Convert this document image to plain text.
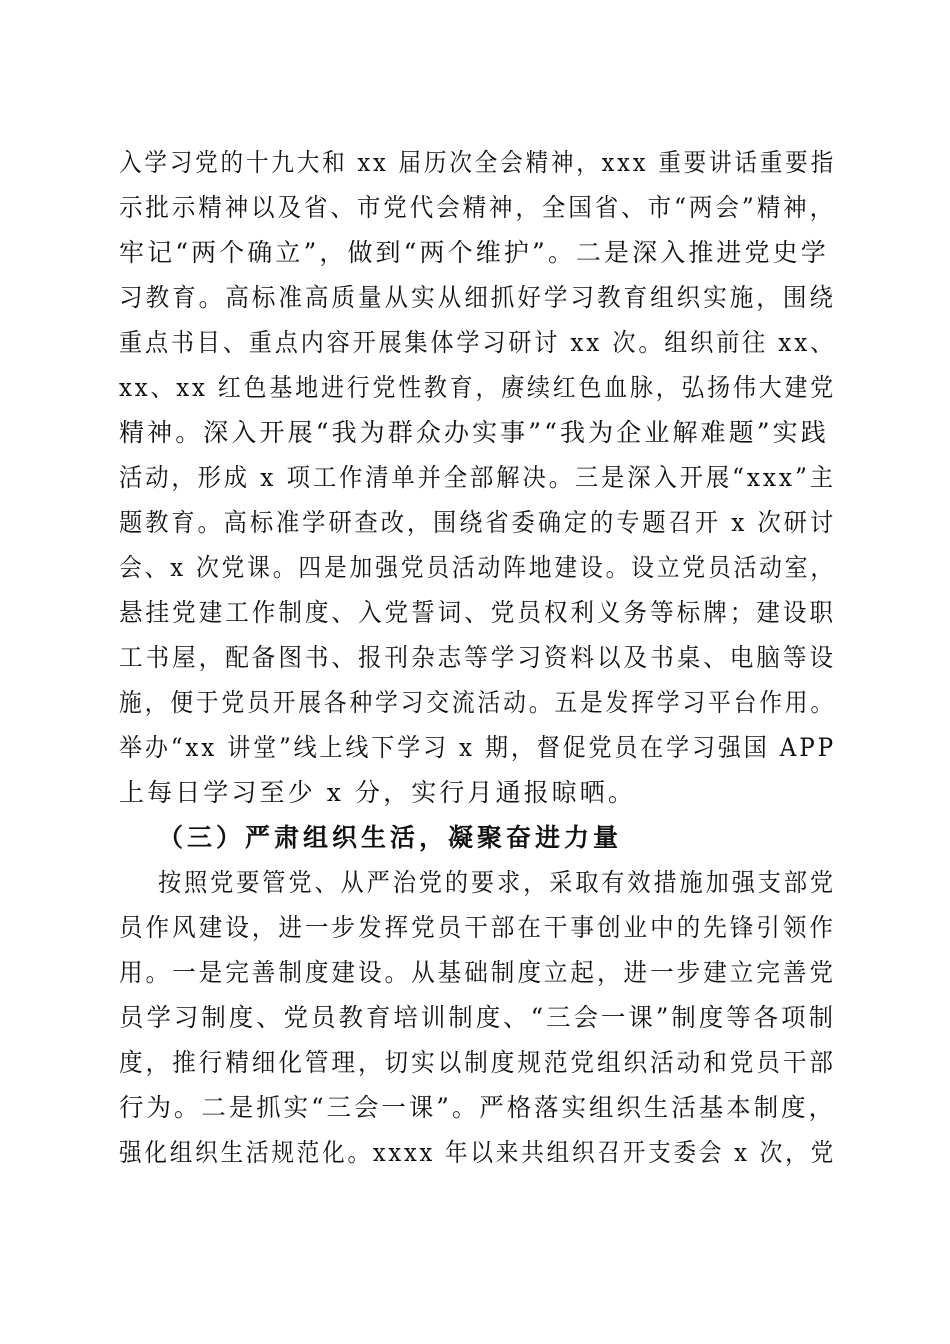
入学习党的十九大和 xx 届历次全会精神，xxx 重要讲话重要指

示批示精神以及省、市党代会精神，全国省、市“两会”精神，

牢记“两个确立”，做到“两个维护”。二是深入推进党史学

习教育。高标准高质量从实从细抓好学习教育组织实施，围绕

重点书目、重点内容开展集体学习研讨 xx 次。组织前往 xx、

xx、xx 红色基地进行党性教育，赓续红色血脉，弘扬伟大建党

精神。深入开展“我为群众办实事”“我为企业解难题”实践

活动，形成 x 项工作清单并全部解决。三是深入开展“xxx”主

题教育。高标准学研查改，围绕省委确定的专题召开 x 次研讨

会、x 次党课。四是加强党员活动阵地建设。设立党员活动室，

悬挂党建工作制度、入党誓词、党员权利义务等标牌；建设职

工书屋，配备图书、报刊杂志等学习资料以及书桌、电脑等设

施，便于党员开展各种学习交流活动。五是发挥学习平台作用。

举办“xx 讲堂”线上线下学习 x 期，督促党员在学习强国 APP

上每日学习至少 x 分，实行月通报晾晒。

（三）严肃组织生活，凝聚奋进力量

按照党要管党、从严治党的要求，采取有效措施加强支部党

员作风建设，进一步发挥党员干部在干事创业中的先锋引领作

用。一是完善制度建设。从基础制度立起，进一步建立完善党

员学习制度、党员教育培训制度、“三会一课”制度等各项制

度，推行精细化管理，切实以制度规范党组织活动和党员干部

行为。二是抓实“三会一课”。严格落实组织生活基本制度，

强化组织生活规范化。xxxx 年以来共组织召开支委会 x 次，党
